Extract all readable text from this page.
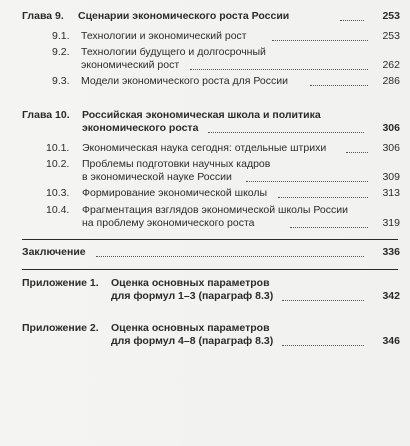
Глава 9. Сценарии экономического роста России	253
9.1. Технологии и экономический рост	253
9.2. Технологии будущего и долгосрочный
экономический рост	262
9.3. Модели экономического роста для России	286
Глава 10. Российская экономическая школа и политика
экономического роста	306
10.1. Экономическая наука сегодня: отдельные штрихи	306
10.2. Проблемы подготовки научных кадров
в экономической науке России	309
10.3. Формирование экономической школы	313
10.4. Фрагментация взглядов экономической школы России
на проблему экономического роста	319
Заключение	336
Приложение 1. Оценка основных параметров
для формул 1–3 (параграф 8.3)	342
Приложение 2. Оценка основных параметров
для формул 4–8 (параграф 8.3)	346
